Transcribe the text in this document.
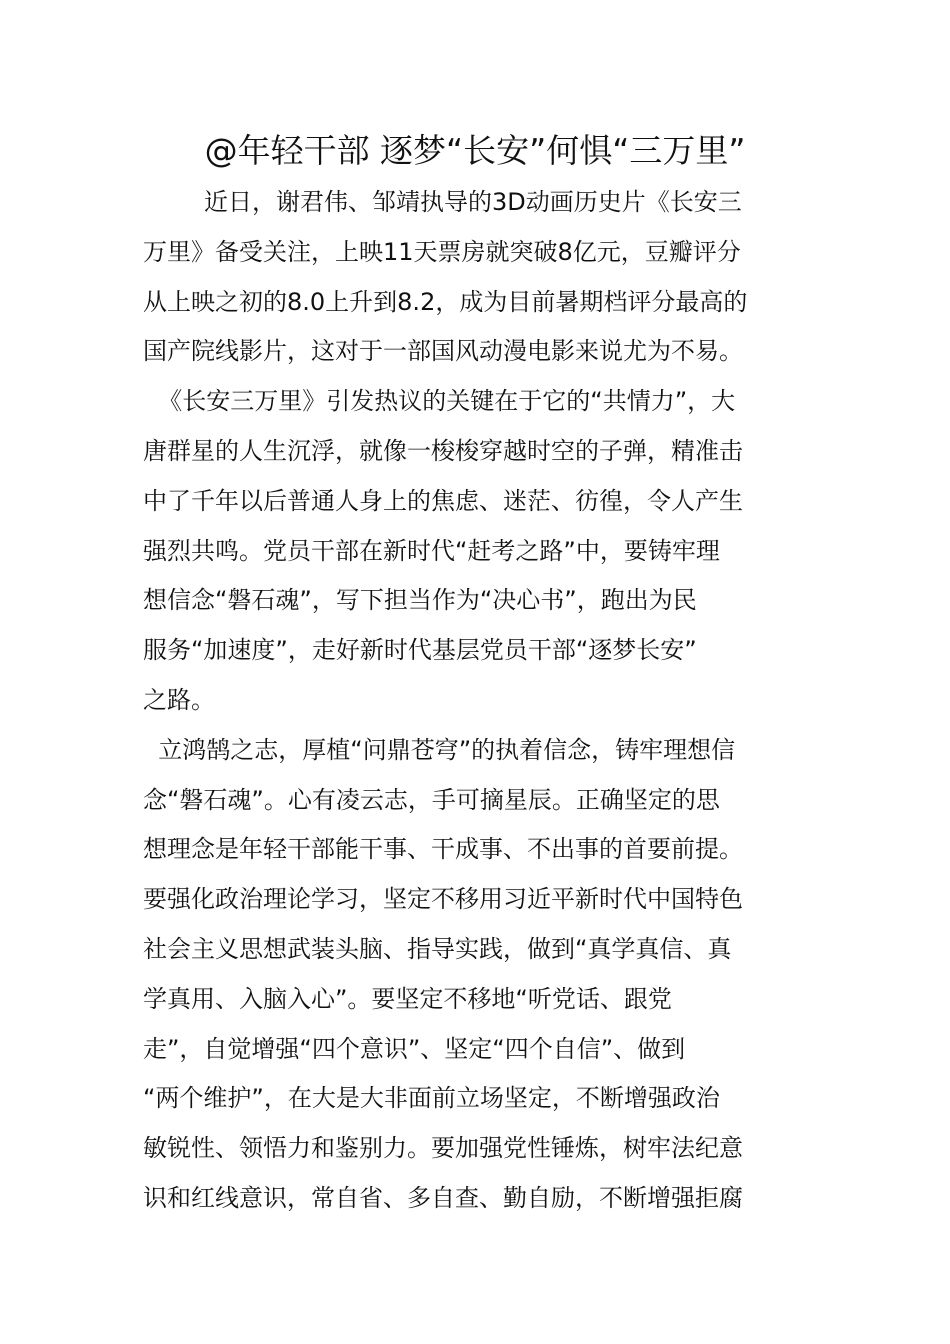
@年轻干部 逐梦“长安”何惧“三万里”

近日，谢君伟、邹靖执导的3D动画历史片《长安三
万里》备受关注，上映11天票房就突破8亿元，豆瓣评分
从上映之初的8.0上升到8.2，成为目前暑期档评分最高的
国产院线影片，这对于一部国风动漫电影来说尤为不易。

《长安三万里》引发热议的关键在于它的“共情力”，大
唐群星的人生沉浮，就像一梭梭穿越时空的子弹，精准击
中了千年以后普通人身上的焦虑、迷茫、彷徨，令人产生
强烈共鸣。党员干部在新时代“赶考之路”中，要铸牢理
想信念“磐石魂”，写下担当作为“决心书”，跑出为民
服务“加速度”，走好新时代基层党员干部“逐梦长安”
之路。

立鸿鹄之志，厚植“问鼎苍穹”的执着信念，铸牢理想信
念“磐石魂”。心有凌云志，手可摘星辰。正确坚定的思
想理念是年轻干部能干事、干成事、不出事的首要前提。
要强化政治理论学习，坚定不移用习近平新时代中国特色
社会主义思想武装头脑、指导实践，做到“真学真信、真
学真用、入脑入心”。要坚定不移地“听党话、跟党
走”，自觉增强“四个意识”、坚定“四个自信”、做到
“两个维护”，在大是大非面前立场坚定，不断增强政治
敏锐性、领悟力和鉴别力。要加强党性锤炼，树牢法纪意
识和红线意识，常自省、多自查、勤自励，不断增强拒腐
